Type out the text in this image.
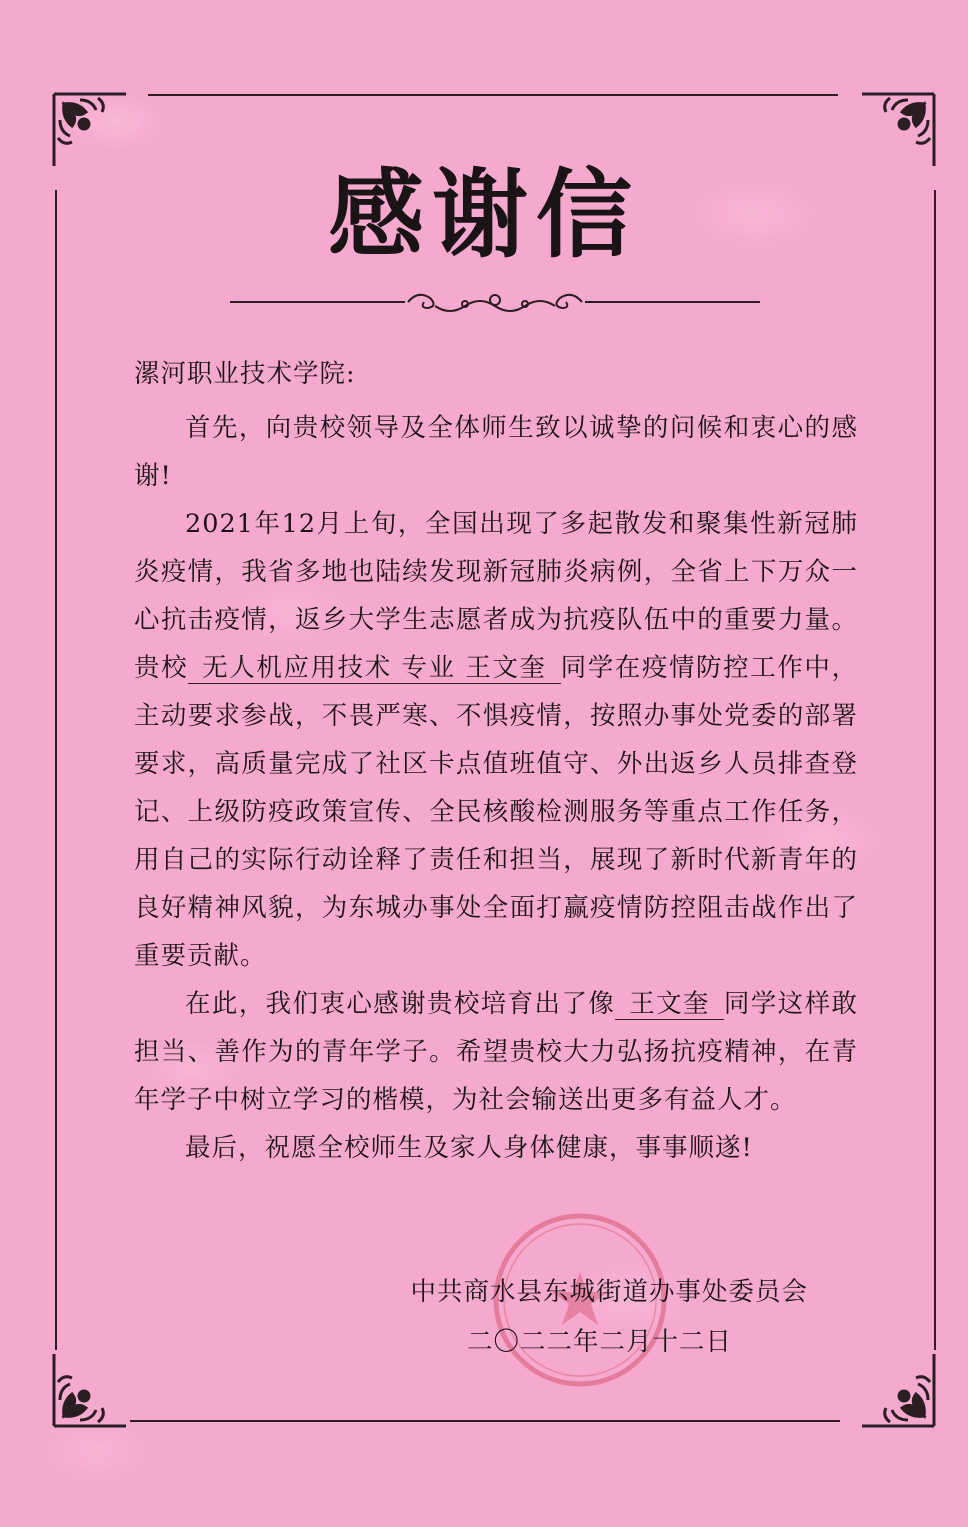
感谢信

漯河职业技术学院:

首先，向贵校领导及全体师生致以诚挚的问候和衷心的感谢!

2021年12月上旬，全国出现了多起散发和聚集性新冠肺炎疫情，我省多地也陆续发现新冠肺炎病例，全省上下万众一心抗击疫情，返乡大学生志愿者成为抗疫队伍中的重要力量。贵校 无人机应用技术 专业 王文奎 同学在疫情防控工作中，主动要求参战，不畏严寒、不惧疫情，按照办事处党委的部署要求，高质量完成了社区卡点值班值守、外出返乡人员排查登记、上级防疫政策宣传、全民核酸检测服务等重点工作任务，用自己的实际行动诠释了责任和担当，展现了新时代新青年的良好精神风貌，为东城办事处全面打赢疫情防控阻击战作出了重要贡献。

在此，我们衷心感谢贵校培育出了像 王文奎 同学这样敢担当、善作为的青年学子。希望贵校大力弘扬抗疫精神，在青年学子中树立学习的楷模，为社会输送出更多有益人才。

最后，祝愿全校师生及家人身体健康，事事顺遂!

中共商水县东城街道办事处委员会
二〇二二年二月十二日
